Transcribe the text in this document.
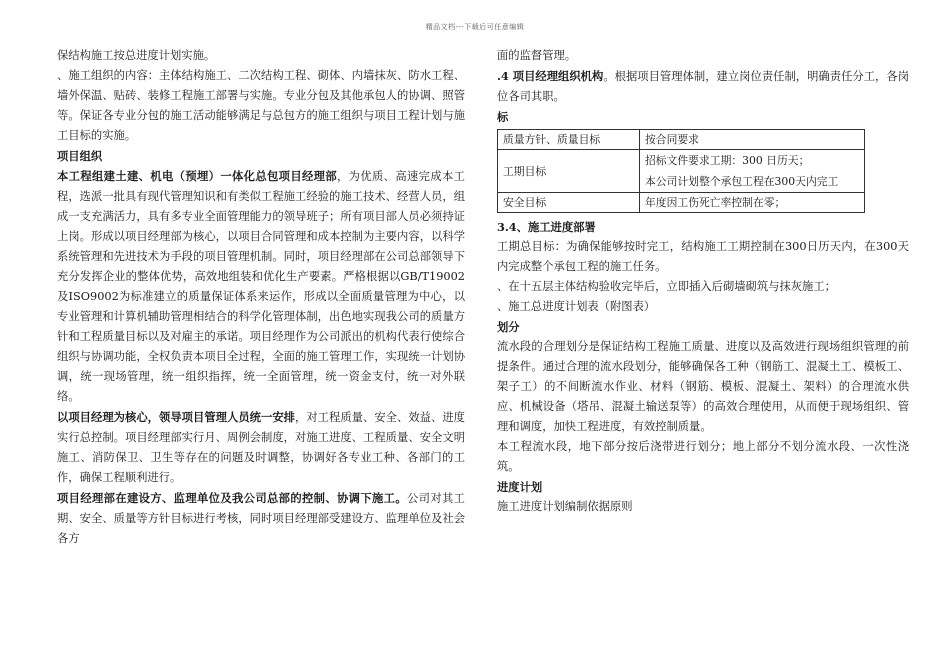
精品文档---下载后可任意编辑

保结构施工按总进度计划实施。

、施工组织的内容：主体结构施工、二次结构工程、砌体、内墙抹灰、防水工程、墙外保温、贴砖、装修工程施工部署与实施。专业分包及其他承包人的协调、照管等。保证各专业分包的施工活动能够满足与总包方的施工组织与项目工程计划与施工目标的实施。

项目组织

本工程组建土建、机电（预埋）一体化总包项目经理部，为优质、高速完成本工程，选派一批具有现代管理知识和有类似工程施工经验的施工技术、经营人员，组成一支充满活力，具有多专业全面管理能力的领导班子；所有项目部人员必须持证上岗。形成以项目经理部为核心，以项目合同管理和成本控制为主要内容，以科学系统管理和先进技术为手段的项目管理机制。同时，项目经理部在公司总部领导下充分发挥企业的整体优势，高效地组装和优化生产要素。严格根据以GB/T19002及ISO9002为标准建立的质量保证体系来运作，形成以全面质量管理为中心，以专业管理和计算机辅助管理相结合的科学化管理体制，出色地实现我公司的质量方针和工程质量目标以及对雇主的承诺。项目经理作为公司派出的机构代表行使综合组织与协调功能，全权负责本项目全过程，全面的施工管理工作，实现统一计划协调，统一现场管理，统一组织指挥，统一全面管理，统一资金支付，统一对外联络。

以项目经理为核心，领导项目管理人员统一安排，对工程质量、安全、效益、进度实行总控制。项目经理部实行月、周例会制度，对施工进度、工程质量、安全文明施工、消防保卫、卫生等存在的问题及时调整，协调好各专业工种、各部门的工作，确保工程顺利进行。

项目经理部在建设方、监理单位及我公司总部的控制、协调下施工。公司对其工期、安全、质量等方针目标进行考核，同时项目经理部受建设方、监理单位及社会各方

面的监督管理。

.4 项目经理组织机构。根据项目管理体制，建立岗位责任制，明确责任分工，各岗位各司其职。

标

质量方针、质量目标	按合同要求
工期目标	招标文件要求工期：300 日历天；
本公司计划整个承包工程在300天内完工

安全目标	年度因工伤死亡率控制在零；

3.4、施工进度部署

工期总目标：为确保能够按时完工，结构施工工期控制在300日历天内，在300天内完成整个承包工程的施工任务。

、在十五层主体结构验收完毕后，立即插入后砌墙砌筑与抹灰施工；

、施工总进度计划表（附图表）

划分

流水段的合理划分是保证结构工程施工质量、进度以及高效进行现场组织管理的前提条件。通过合理的流水段划分，能够确保各工种（钢筋工、混凝土工、模板工、架子工）的不间断流水作业、材料（钢筋、模板、混凝土、架料）的合理流水供应、机械设备（塔吊、混凝土输送泵等）的高效合理使用，从而便于现场组织、管理和调度，加快工程进度，有效控制质量。

本工程流水段，地下部分按后浇带进行划分；地上部分不划分流水段、一次性浇筑。

进度计划

施工进度计划编制依据原则
